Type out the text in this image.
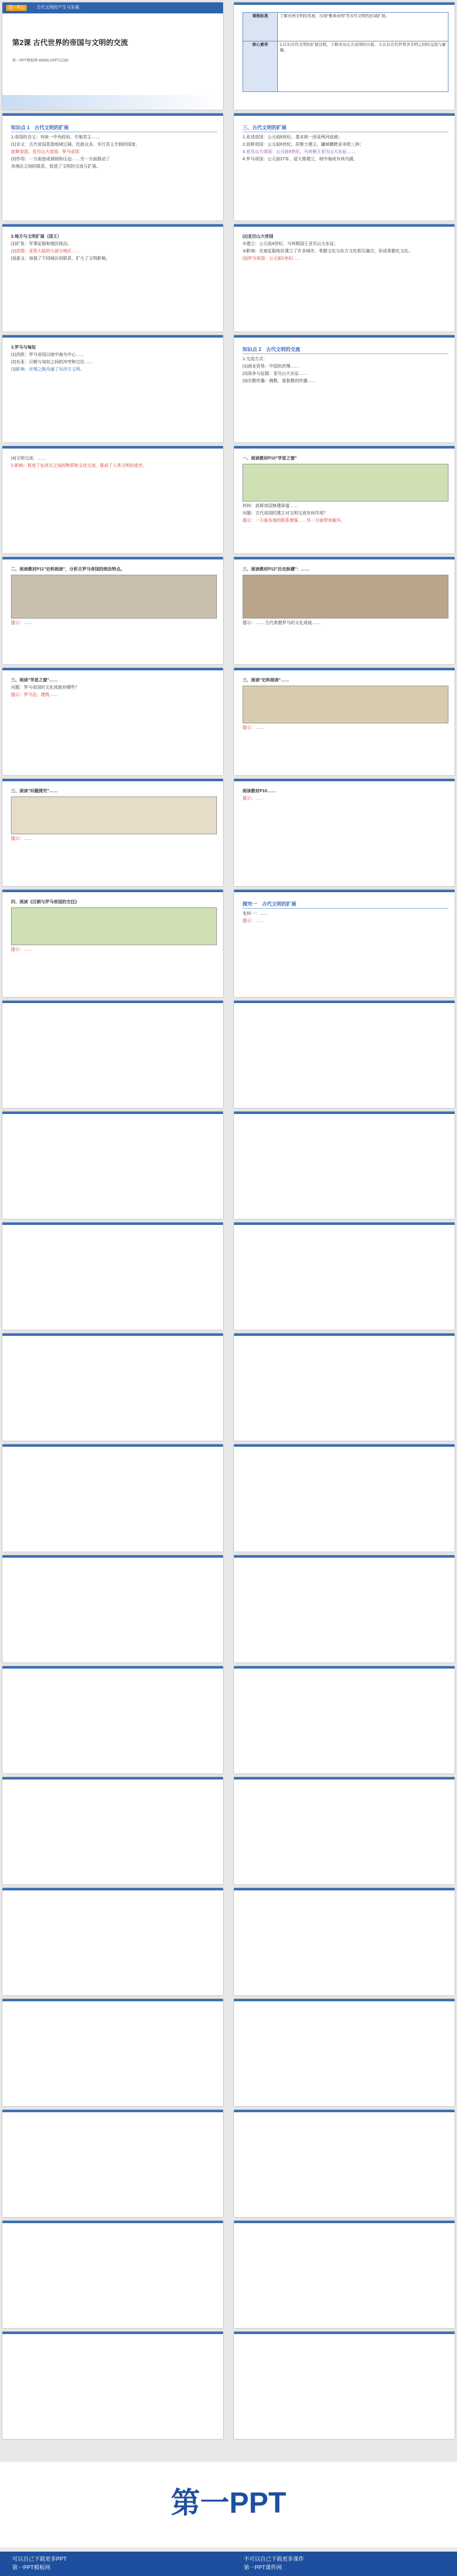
第一单元	古代文明的产生与发展
第2课 古代世界的帝国与文明的交流
第一PPT模板网-WWW.1PPT.COM
课程标准	了解亚洲文明的发展，出现“雅典帝国”等古代文明的区域扩展。
核心素养	1.认识古代文明的扩展过程，了解亚历山大帝国的兴衰。 2.认识古代世界各文明之间的交流与碰撞。
知识点 1　古代文明的扩展
1.帝国的含义：有统一中央政府、专制君主……
(1)含义：古代帝国是指地域辽阔、民族众多、实行君主专制的国家。
波斯帝国、亚历山大帝国、罗马帝国
(2)作用：一方面造成剥削和压迫……另一方面推动了
各地区之间的联系，促进了文明的交流与扩展。
三、古代文明的扩展
1.亚述帝国：公元前8世纪，基本统一西亚两河流域；
2.波斯帝国：公元前6世纪，居鲁士建立，疆域横跨亚非欧三洲；
3.亚历山大帝国：公元前4世纪，马其顿王亚历山大东征……
4.罗马帝国：公元前27年，屋大维建立，地中海成为其内湖。
2.地方与文明扩展（国王）
(1)扩张：军事征服和殖民统治。
(2)范围：亚欧大陆的大部分地区……
(3)意义：加强了不同地区的联系，扩大了文明影响。
(2)亚历山大帝国
①建立：公元前4世纪，马其顿国王亚历山大东征；
②影响：在被征服地区建立了许多城市，希腊文化与东方文化相互融合，形成希腊化文化。
(3)罗马帝国：公元前1世纪……
3.罗马与匈奴
(1)西欧：罗马帝国以地中海为中心……
(2)东亚：汉朝与匈奴之间的冲突和交往……
(3)影响：丝绸之路沟通了东西方文明。
知识点 2　古代文明的交流
1.交流方式：
(1)商业贸易：中国的丝绸……
(2)战争与征服：亚历山大东征……
(3)宗教传播：佛教、基督教的传播……
(4)文明交流：……
2.影响：促进了东西方之间的物质和文化交流，推动了人类文明的进步。
一、阅读教材P10"学思之窗"
材料：波斯帝国修建驿道……
问题：古代帝国的建立对文明交流有何作用？
提示：一方面各地的联系增强……另一方面带来破坏。
二、阅读教材P11"史料阅读"，分析古罗马帝国的统治特点。
提示：……
三、阅读教材P12"历史纵横"：……
提示：…… 古代希腊罗马的文化成就……
三、阅读"学思之窗"……
问题：罗马帝国的文化成就有哪些？
提示：罗马法、建筑……
三、阅读"史料阅读"……
提示：……
三、阅读"问题探究"……
提示：……
阅读教材P10……
提示：……
四、阅读《汉朝与罗马帝国的交往》
提示：……
探究一　古代文明的扩展
史料一：……
提示：……
第一PPT
可以自己下载更多PPT
第一PPT模板网
不可以自己下载更多课件
第一PPT课件网
